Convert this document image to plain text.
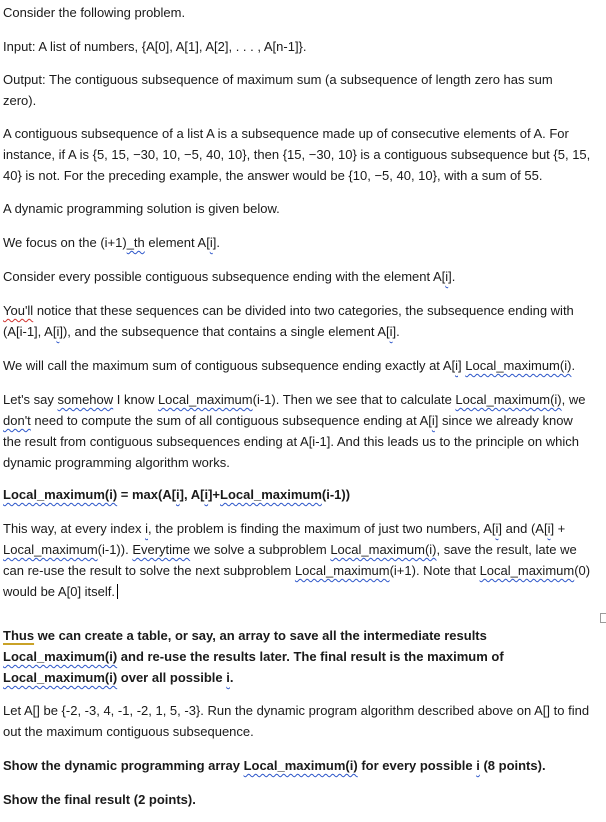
Consider the following problem.

Input: A list of numbers, {A[0], A[1], A[2], . . . , A[n-1]}.

Output: The contiguous subsequence of maximum sum (a subsequence of length zero has sum zero).

A contiguous subsequence of a list A is a subsequence made up of consecutive elements of A. For instance, if A is {5, 15, −30, 10, −5, 40, 10}, then {15, −30, 10} is a contiguous subsequence but {5, 15, 40} is not. For the preceding example, the answer would be {10, −5, 40, 10}, with a sum of 55.

A dynamic programming solution is given below.

We focus on the (i+1)_th element A[i].

Consider every possible contiguous subsequence ending with the element A[i].

You'll notice that these sequences can be divided into two categories, the subsequence ending with (A[i-1], A[i]), and the subsequence that contains a single element A[i].

We will call the maximum sum of contiguous subsequence ending exactly at A[i] Local_maximum(i).

Let's say somehow I know Local_maximum(i-1). Then we see that to calculate Local_maximum(i), we don't need to compute the sum of all contiguous subsequence ending at A[i] since we already know the result from contiguous subsequences ending at A[i-1]. And this leads us to the principle on which dynamic programming algorithm works.

Local_maximum(i) = max(A[i], A[i]+Local_maximum(i-1))

This way, at every index i, the problem is finding the maximum of just two numbers, A[i] and (A[i] + Local_maximum(i-1)). Everytime we solve a subproblem Local_maximum(i), save the result, late we can re-use the result to solve the next subproblem Local_maximum(i+1). Note that Local_maximum(0) would be A[0] itself.

Thus we can create a table, or say, an array to save all the intermediate results Local_maximum(i) and re-use the results later. The final result is the maximum of Local_maximum(i) over all possible i.

Let A[] be {-2, -3, 4, -1, -2, 1, 5, -3}. Run the dynamic program algorithm described above on A[] to find out the maximum contiguous subsequence.

Show the dynamic programming array Local_maximum(i) for every possible i (8 points).

Show the final result (2 points).
